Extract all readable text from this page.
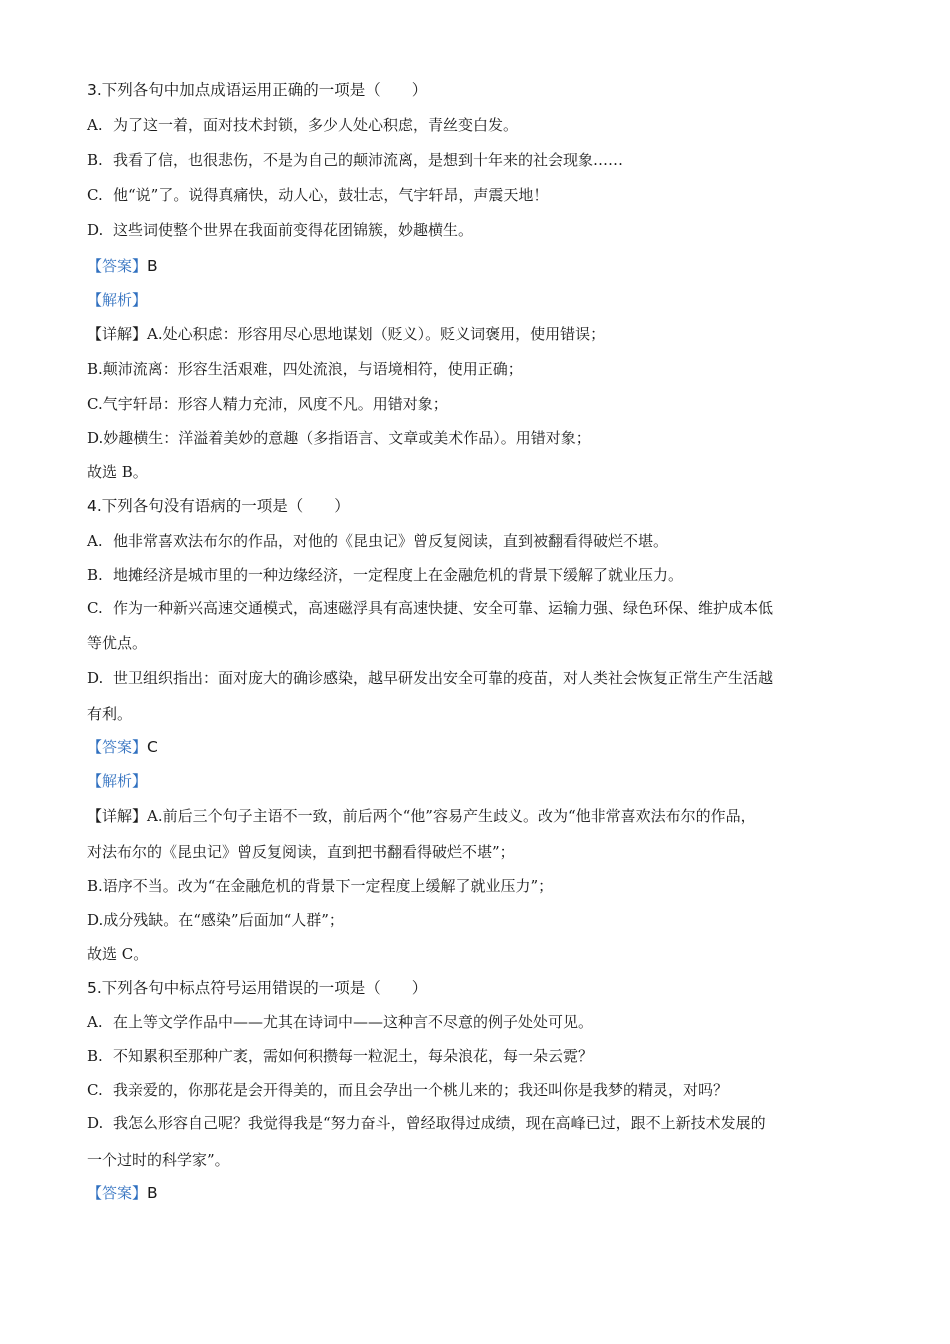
3.下列各句中加点成语运用正确的一项是（　　）
A. 为了这一着，面对技术封锁，多少人处心积虑，青丝变白发。
B. 我看了信，也很悲伤，不是为自己的颠沛流离，是想到十年来的社会现象……
C. 他“说”了。说得真痛快，动人心，鼓壮志，气宇轩昂，声震天地！
D. 这些词使整个世界在我面前变得花团锦簇，妙趣横生。
【答案】B
【解析】
【详解】A.处心积虑：形容用尽心思地谋划（贬义）。贬义词褒用，使用错误；
B.颠沛流离：形容生活艰难，四处流浪，与语境相符，使用正确；
C.气宇轩昂：形容人精力充沛，风度不凡。用错对象；
D.妙趣横生：洋溢着美妙的意趣（多指语言、文章或美术作品）。用错对象；
故选 B。
4.下列各句没有语病的一项是（　　）
A. 他非常喜欢法布尔的作品，对他的《昆虫记》曾反复阅读，直到被翻看得破烂不堪。
B. 地摊经济是城市里的一种边缘经济，一定程度上在金融危机的背景下缓解了就业压力。
C. 作为一种新兴高速交通模式，高速磁浮具有高速快捷、安全可靠、运输力强、绿色环保、维护成本低
等优点。
D. 世卫组织指出：面对庞大的确诊感染，越早研发出安全可靠的疫苗，对人类社会恢复正常生产生活越
有利。
【答案】C
【解析】
【详解】A.前后三个句子主语不一致，前后两个“他”容易产生歧义。改为“他非常喜欢法布尔的作品，
对法布尔的《昆虫记》曾反复阅读，直到把书翻看得破烂不堪”；
B.语序不当。改为“在金融危机的背景下一定程度上缓解了就业压力”；
D.成分残缺。在“感染”后面加“人群”；
故选 C。
5.下列各句中标点符号运用错误的一项是（　　）
A. 在上等文学作品中——尤其在诗词中——这种言不尽意的例子处处可见。
B. 不知累积至那种广袤，需如何积攒每一粒泥土，每朵浪花，每一朵云霓？
C. 我亲爱的，你那花是会开得美的，而且会孕出一个桃儿来的；我还叫你是我梦的精灵，对吗？
D. 我怎么形容自己呢？我觉得我是“努力奋斗，曾经取得过成绩，现在高峰已过，跟不上新技术发展的
一个过时的科学家”。
【答案】B
